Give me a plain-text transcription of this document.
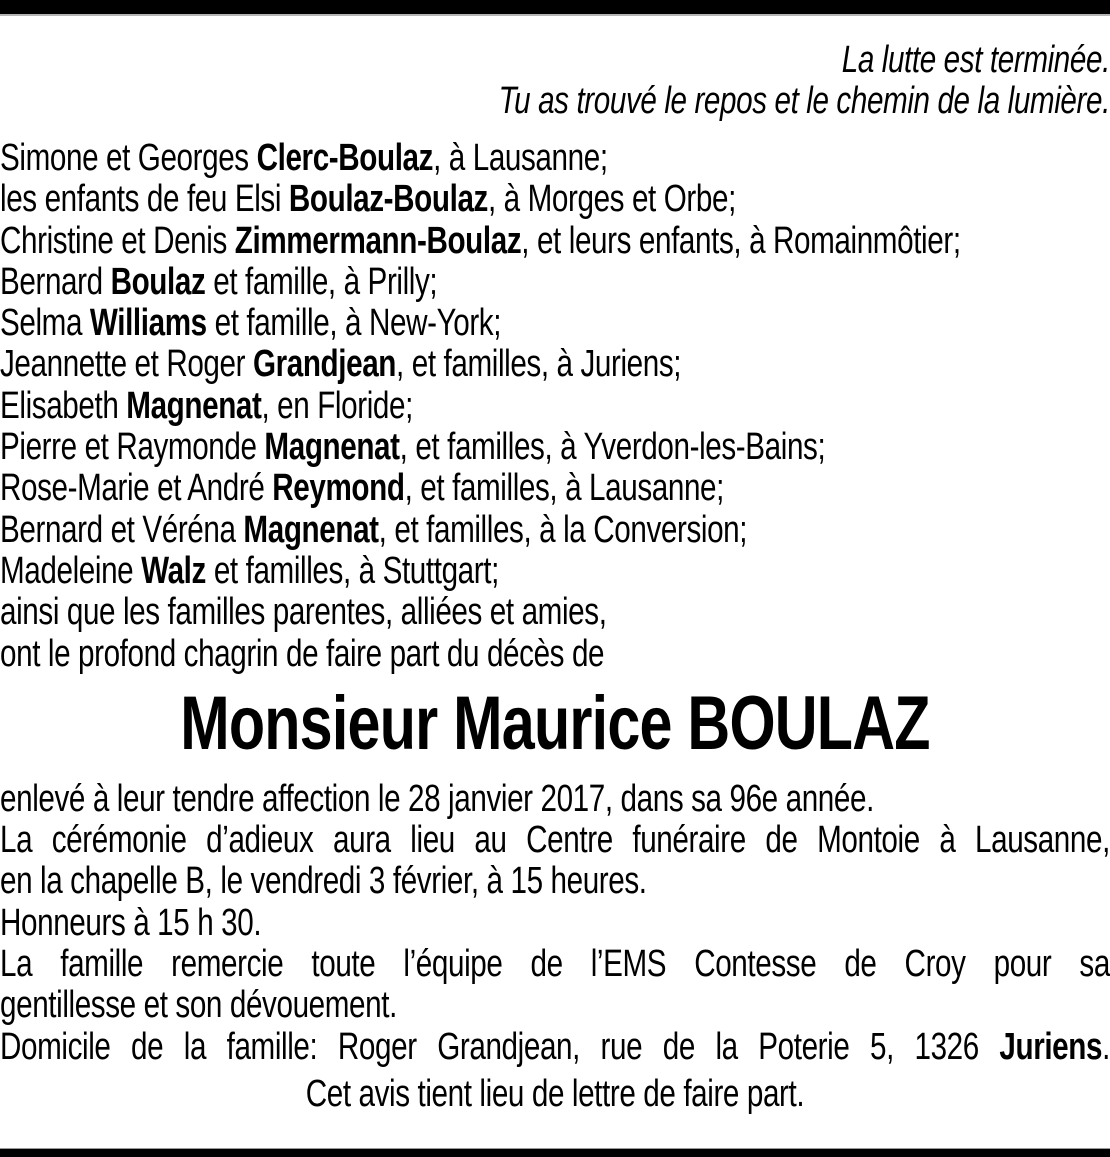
La lutte est terminée.
Tu as trouvé le repos et le chemin de la lumière.
Simone et Georges Clerc-Boulaz, à Lausanne;
les enfants de feu Elsi Boulaz-Boulaz, à Morges et Orbe;
Christine et Denis Zimmermann-Boulaz, et leurs enfants, à Romainmôtier;
Bernard Boulaz et famille, à Prilly;
Selma Williams et famille, à New-York;
Jeannette et Roger Grandjean, et familles, à Juriens;
Elisabeth Magnenat, en Floride;
Pierre et Raymonde Magnenat, et familles, à Yverdon-les-Bains;
Rose-Marie et André Reymond, et familles, à Lausanne;
Bernard et Véréna Magnenat, et familles, à la Conversion;
Madeleine Walz et familles, à Stuttgart;
ainsi que les familles parentes, alliées et amies,
ont le profond chagrin de faire part du décès de
Monsieur Maurice BOULAZ
enlevé à leur tendre affection le 28 janvier 2017, dans sa 96e année.
La cérémonie d’adieux aura lieu au Centre funéraire de Montoie à Lausanne,
en la chapelle B, le vendredi 3 février, à 15 heures.
Honneurs à 15 h 30.
La famille remercie toute l’équipe de l’EMS Contesse de Croy pour sa
gentillesse et son dévouement.
Domicile de la famille: Roger Grandjean, rue de la Poterie 5, 1326 Juriens.
Cet avis tient lieu de lettre de faire part.
